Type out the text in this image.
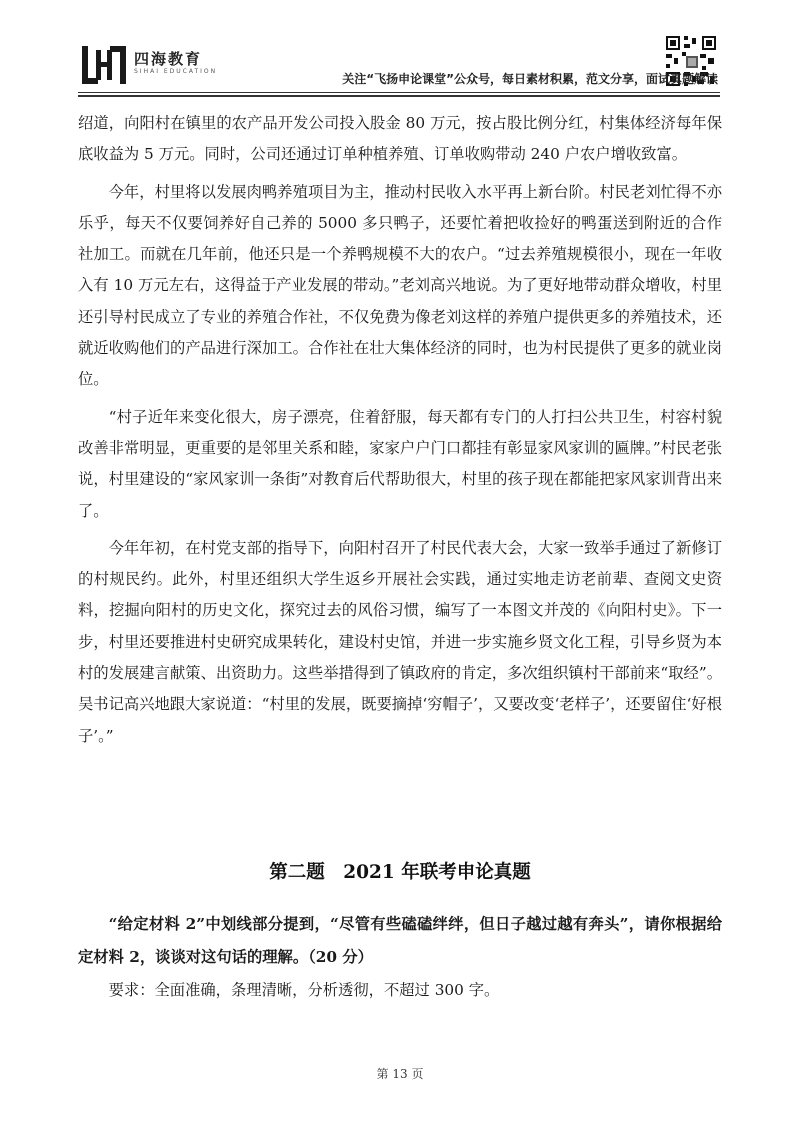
四海教育
SIHAI EDUCATION
关注“飞扬申论课堂”公众号，每日素材积累，范文分享，面试真题解读

绍道，向阳村在镇里的农产品开发公司投入股金 80 万元，按占股比例分红，村集体经济每年保底收益为 5 万元。同时，公司还通过订单种植养殖、订单收购带动 240 户农户增收致富。

今年，村里将以发展肉鸭养殖项目为主，推动村民收入水平再上新台阶。村民老刘忙得不亦乐乎，每天不仅要饲养好自己养的 5000 多只鸭子，还要忙着把收捡好的鸭蛋送到附近的合作社加工。而就在几年前，他还只是一个养鸭规模不大的农户。“过去养殖规模很小，现在一年收入有 10 万元左右，这得益于产业发展的带动。”老刘高兴地说。为了更好地带动群众增收，村里还引导村民成立了专业的养殖合作社，不仅免费为像老刘这样的养殖户提供更多的养殖技术，还就近收购他们的产品进行深加工。合作社在壮大集体经济的同时，也为村民提供了更多的就业岗位。

“村子近年来变化很大，房子漂亮，住着舒服，每天都有专门的人打扫公共卫生，村容村貌改善非常明显，更重要的是邻里关系和睦，家家户户门口都挂有彰显家风家训的匾牌。”村民老张说，村里建设的“家风家训一条街”对教育后代帮助很大，村里的孩子现在都能把家风家训背出来了。

今年年初，在村党支部的指导下，向阳村召开了村民代表大会，大家一致举手通过了新修订的村规民约。此外，村里还组织大学生返乡开展社会实践，通过实地走访老前辈、查阅文史资料，挖掘向阳村的历史文化，探究过去的风俗习惯，编写了一本图文并茂的《向阳村史》。下一步，村里还要推进村史研究成果转化，建设村史馆，并进一步实施乡贤文化工程，引导乡贤为本村的发展建言献策、出资助力。这些举措得到了镇政府的肯定，多次组织镇村干部前来“取经”。吴书记高兴地跟大家说道：“村里的发展，既要摘掉‘穷帽子’，又要改变‘老样子’，还要留住‘好根子’。”

第二题　2021 年联考申论真题

“给定材料 2”中划线部分提到，“尽管有些磕磕绊绊，但日子越过越有奔头”，请你根据给定材料 2，谈谈对这句话的理解。（20 分）

要求：全面准确，条理清晰，分析透彻，不超过 300 字。

第 13 页
